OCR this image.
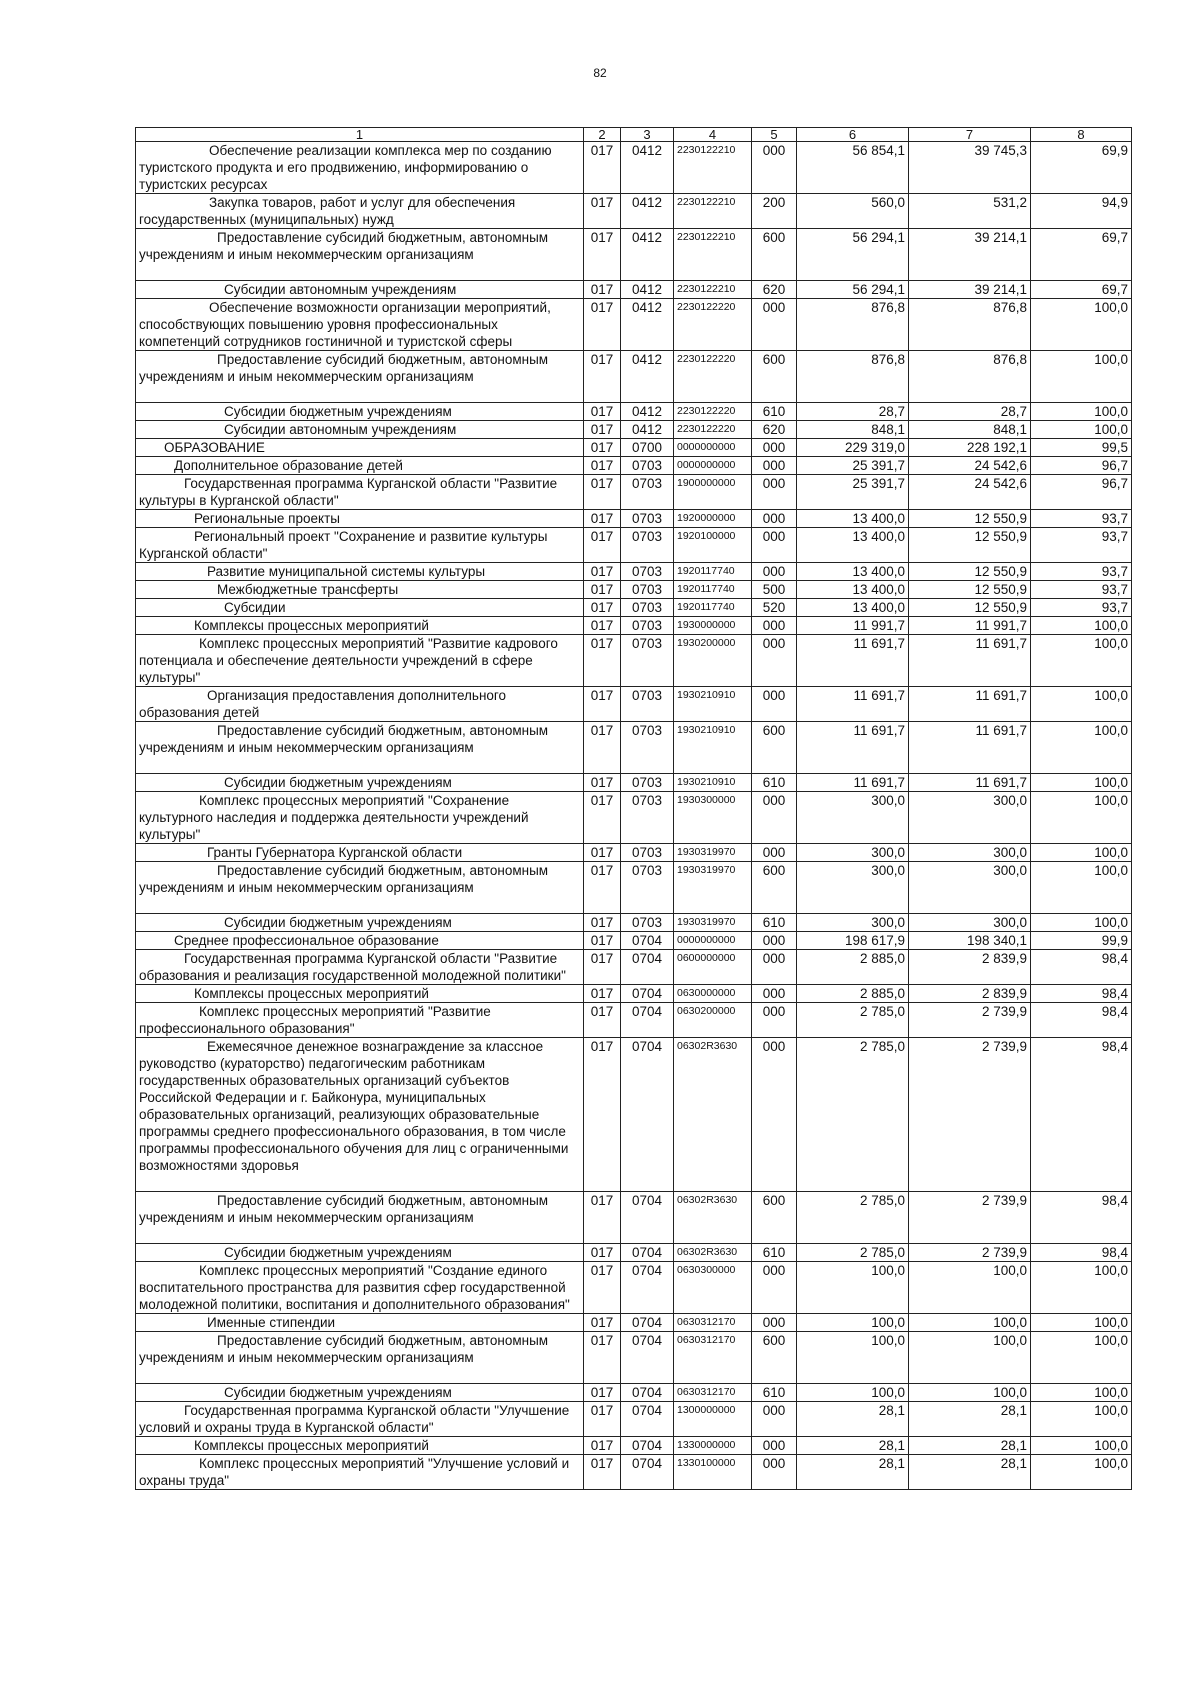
82
1	2	3	4	5	6	7	8
Обеспечение реализации комплекса мер по созданию туристского продукта и его продвижению, информированию о туристских ресурсах	017	0412	2230122210	000	56 854,1	39 745,3	69,9
Закупка товаров, работ и услуг для обеспечения государственных (муниципальных) нужд	017	0412	2230122210	200	560,0	531,2	94,9
Предоставление субсидий бюджетным, автономным учреждениям и иным некоммерческим организациям	017	0412	2230122210	600	56 294,1	39 214,1	69,7
Субсидии автономным учреждениям	017	0412	2230122210	620	56 294,1	39 214,1	69,7
Обеспечение возможности организации мероприятий, способствующих повышению уровня профессиональных компетенций сотрудников гостиничной и туристской сферы	017	0412	2230122220	000	876,8	876,8	100,0
Предоставление субсидий бюджетным, автономным учреждениям и иным некоммерческим организациям	017	0412	2230122220	600	876,8	876,8	100,0
Субсидии бюджетным учреждениям	017	0412	2230122220	610	28,7	28,7	100,0
Субсидии автономным учреждениям	017	0412	2230122220	620	848,1	848,1	100,0
ОБРАЗОВАНИЕ	017	0700	0000000000	000	229 319,0	228 192,1	99,5
Дополнительное образование детей	017	0703	0000000000	000	25 391,7	24 542,6	96,7
Государственная программа Курганской области "Развитие культуры в Курганской области"	017	0703	1900000000	000	25 391,7	24 542,6	96,7
Региональные проекты	017	0703	1920000000	000	13 400,0	12 550,9	93,7
Региональный проект "Сохранение и развитие культуры Курганской области"	017	0703	1920100000	000	13 400,0	12 550,9	93,7
Развитие муниципальной системы культуры	017	0703	1920117740	000	13 400,0	12 550,9	93,7
Межбюджетные трансферты	017	0703	1920117740	500	13 400,0	12 550,9	93,7
Субсидии	017	0703	1920117740	520	13 400,0	12 550,9	93,7
Комплексы процессных мероприятий	017	0703	1930000000	000	11 991,7	11 991,7	100,0
Комплекс процессных мероприятий "Развитие кадрового потенциала и обеспечение деятельности учреждений в сфере культуры"	017	0703	1930200000	000	11 691,7	11 691,7	100,0
Организация предоставления дополнительного образования детей	017	0703	1930210910	000	11 691,7	11 691,7	100,0
Предоставление субсидий бюджетным, автономным учреждениям и иным некоммерческим организациям	017	0703	1930210910	600	11 691,7	11 691,7	100,0
Субсидии бюджетным учреждениям	017	0703	1930210910	610	11 691,7	11 691,7	100,0
Комплекс процессных мероприятий "Сохранение культурного наследия и поддержка деятельности учреждений культуры"	017	0703	1930300000	000	300,0	300,0	100,0
Гранты Губернатора Курганской области	017	0703	1930319970	000	300,0	300,0	100,0
Предоставление субсидий бюджетным, автономным учреждениям и иным некоммерческим организациям	017	0703	1930319970	600	300,0	300,0	100,0
Субсидии бюджетным учреждениям	017	0703	1930319970	610	300,0	300,0	100,0
Среднее профессиональное образование	017	0704	0000000000	000	198 617,9	198 340,1	99,9
Государственная программа Курганской области "Развитие образования и реализация государственной молодежной политики"	017	0704	0600000000	000	2 885,0	2 839,9	98,4
Комплексы процессных мероприятий	017	0704	0630000000	000	2 885,0	2 839,9	98,4
Комплекс процессных мероприятий "Развитие профессионального образования"	017	0704	0630200000	000	2 785,0	2 739,9	98,4
Ежемесячное денежное вознаграждение за классное руководство (кураторство) педагогическим работникам государственных образовательных организаций субъектов Российской Федерации и г. Байконура, муниципальных образовательных организаций, реализующих образовательные программы среднего профессионального образования, в том числе программы профессионального обучения для лиц с ограниченными возможностями здоровья	017	0704	06302R3630	000	2 785,0	2 739,9	98,4
Предоставление субсидий бюджетным, автономным учреждениям и иным некоммерческим организациям	017	0704	06302R3630	600	2 785,0	2 739,9	98,4
Субсидии бюджетным учреждениям	017	0704	06302R3630	610	2 785,0	2 739,9	98,4
Комплекс процессных мероприятий "Создание единого воспитательного пространства для развития сфер государственной молодежной политики, воспитания и дополнительного образования"	017	0704	0630300000	000	100,0	100,0	100,0
Именные стипендии	017	0704	0630312170	000	100,0	100,0	100,0
Предоставление субсидий бюджетным, автономным учреждениям и иным некоммерческим организациям	017	0704	0630312170	600	100,0	100,0	100,0
Субсидии бюджетным учреждениям	017	0704	0630312170	610	100,0	100,0	100,0
Государственная программа Курганской области "Улучшение условий и охраны труда в Курганской области"	017	0704	1300000000	000	28,1	28,1	100,0
Комплексы процессных мероприятий	017	0704	1330000000	000	28,1	28,1	100,0
Комплекс процессных мероприятий "Улучшение условий и охраны труда"	017	0704	1330100000	000	28,1	28,1	100,0
